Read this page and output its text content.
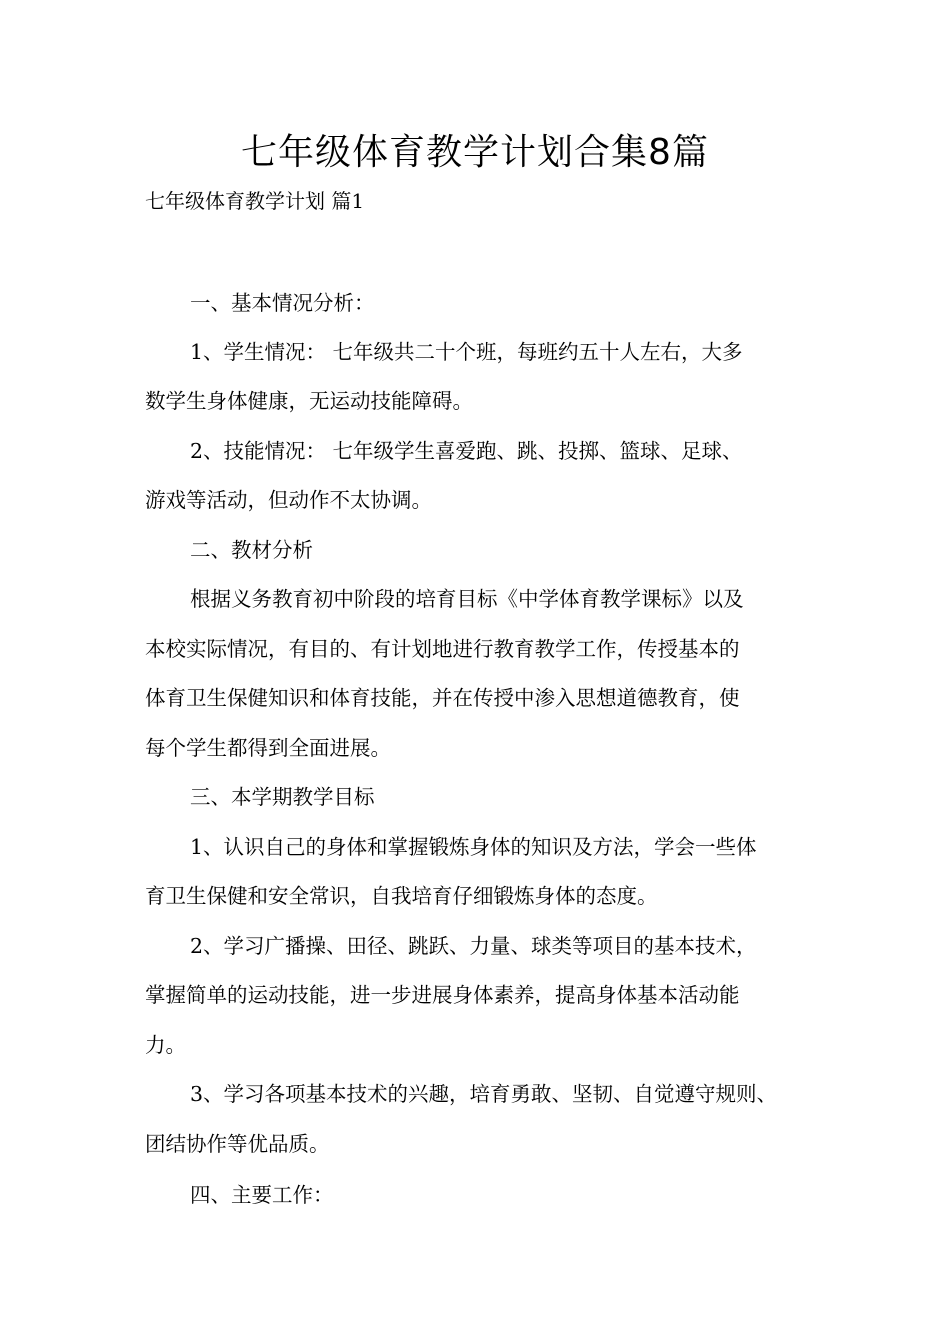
七年级体育教学计划合集8篇
七年级体育教学计划 篇1
一、基本情况分析：
1、学生情况： 七年级共二十个班，每班约五十人左右，大多
数学生身体健康，无运动技能障碍。
2、技能情况： 七年级学生喜爱跑、跳、投掷、篮球、足球、
游戏等活动，但动作不太协调。
二、教材分析
根据义务教育初中阶段的培育目标《中学体育教学课标》以及
本校实际情况，有目的、有计划地进行教育教学工作，传授基本的
体育卫生保健知识和体育技能，并在传授中渗入思想道德教育，使
每个学生都得到全面进展。
三、本学期教学目标
1、认识自己的身体和掌握锻炼身体的知识及方法，学会一些体
育卫生保健和安全常识，自我培育仔细锻炼身体的态度。
2、学习广播操、田径、跳跃、力量、球类等项目的基本技术，
掌握简单的运动技能，进一步进展身体素养，提高身体基本活动能
力。
3、学习各项基本技术的兴趣，培育勇敢、坚韧、自觉遵守规则、
团结协作等优品质。
四、主要工作：
